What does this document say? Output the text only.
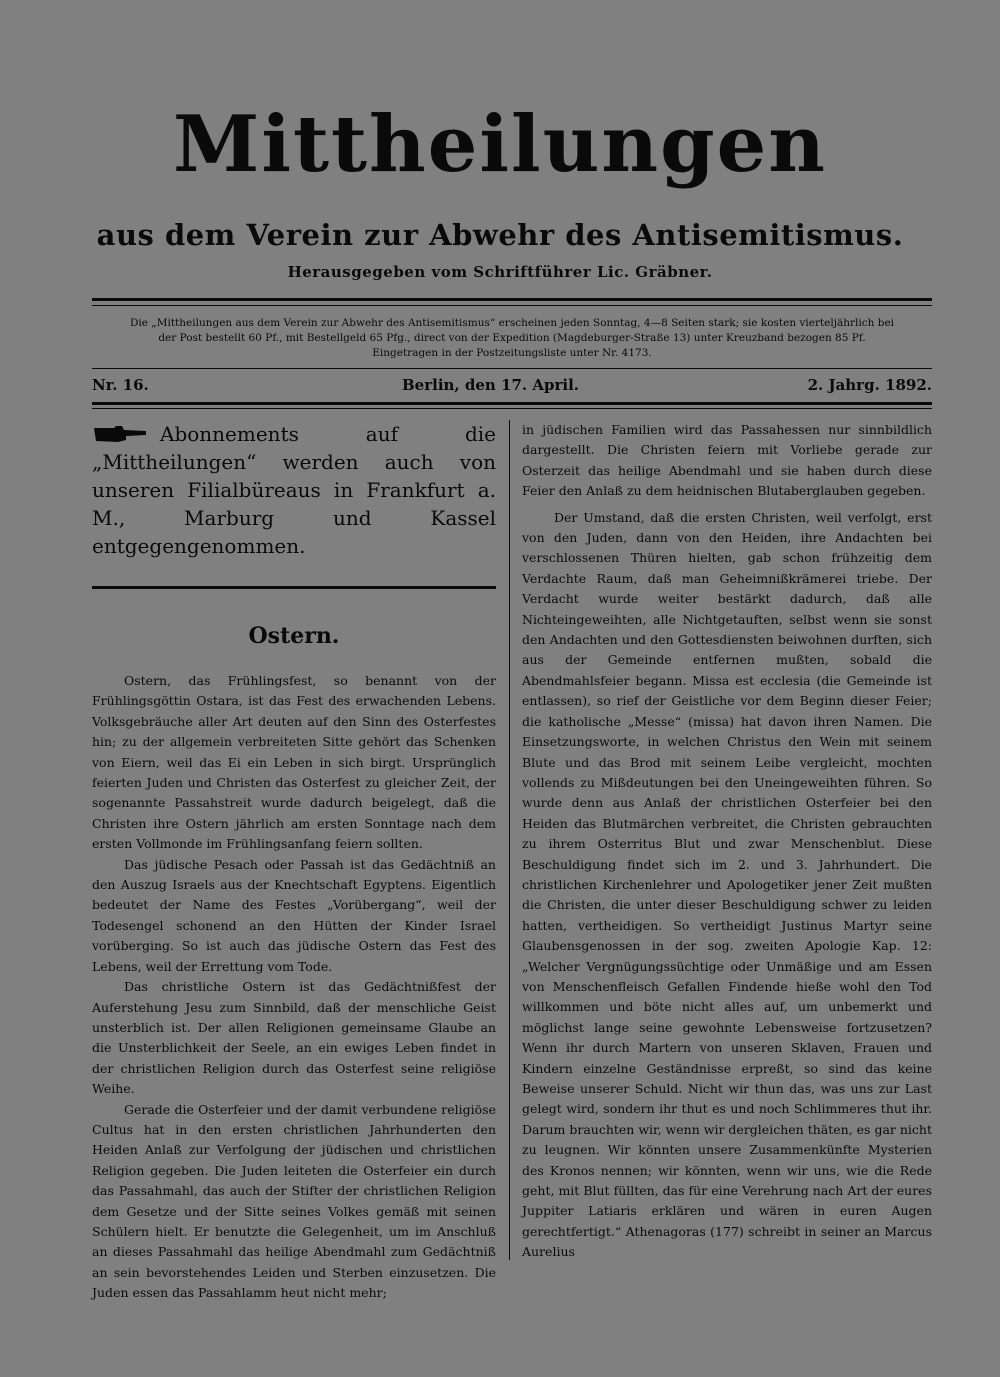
Mittheilungen
aus dem Verein zur Abwehr des Antisemitismus.
Herausgegeben vom Schriftführer Lic. Gräbner.
Die „Mittheilungen aus dem Verein zur Abwehr des Antisemitismus“ erscheinen jeden Sonntag, 4—8 Seiten stark; sie kosten vierteljährlich bei
der Post bestellt 60 Pf., mit Bestellgeld 65 Pfg., direct von der Expedition (Magdeburger-Straße 13) unter Kreuzband bezogen 85 Pf.
Eingetragen in der Postzeitungsliste unter Nr. 4173.
Nr. 16.	Berlin, den 17. April.	2. Jahrg. 1892.
Abonnements auf die „Mittheilungen“ werden auch von unseren Filialbüreaus in Frankfurt a. M., Marburg und Kassel entgegengenommen.
Ostern.

Ostern, das Frühlingsfest, so benannt von der Frühlingsgöttin Ostara, ist das Fest des erwachenden Lebens. Volksgebräuche aller Art deuten auf den Sinn des Osterfestes hin; zu der allgemein verbreiteten Sitte gehört das Schenken von Eiern, weil das Ei ein Leben in sich birgt. Ursprünglich feierten Juden und Christen das Osterfest zu gleicher Zeit, der sogenannte Passahstreit wurde dadurch beigelegt, daß die Christen ihre Ostern jährlich am ersten Sonntage nach dem ersten Vollmonde im Frühlingsanfang feiern sollten.

Das jüdische Pesach oder Passah ist das Gedächtniß an den Auszug Israels aus der Knechtschaft Egyptens. Eigentlich bedeutet der Name des Festes „Vorübergang“, weil der Todesengel schonend an den Hütten der Kinder Israel vorüberging. So ist auch das jüdische Ostern das Fest des Lebens, weil der Errettung vom Tode.

Das christliche Ostern ist das Gedächtnißfest der Auferstehung Jesu zum Sinnbild, daß der menschliche Geist unsterblich ist. Der allen Religionen gemeinsame Glaube an die Unsterblichkeit der Seele, an ein ewiges Leben findet in der christlichen Religion durch das Osterfest seine religiöse Weihe.

Gerade die Osterfeier und der damit verbundene religiöse Cultus hat in den ersten christlichen Jahrhunderten den Heiden Anlaß zur Verfolgung der jüdischen und christlichen Religion gegeben. Die Juden leiteten die Osterfeier ein durch das Passahmahl, das auch der Stifter der christlichen Religion dem Gesetze und der Sitte seines Volkes gemäß mit seinen Schülern hielt. Er benutzte die Gelegenheit, um im Anschluß an dieses Passahmahl das heilige Abendmahl zum Gedächtniß an sein bevorstehendes Leiden und Sterben einzusetzen. Die Juden essen das Passahlamm heut nicht mehr;

in jüdischen Familien wird das Passahessen nur sinnbildlich dargestellt. Die Christen feiern mit Vorliebe gerade zur Osterzeit das heilige Abendmahl und sie haben durch diese Feier den Anlaß zu dem heidnischen Blutaberglauben gegeben.

Der Umstand, daß die ersten Christen, weil verfolgt, erst von den Juden, dann von den Heiden, ihre Andachten bei verschlossenen Thüren hielten, gab schon frühzeitig dem Verdachte Raum, daß man Geheimnißkrämerei triebe. Der Verdacht wurde weiter bestärkt dadurch, daß alle Nichteingeweihten, alle Nichtgetauften, selbst wenn sie sonst den Andachten und den Gottesdiensten beiwohnen durften, sich aus der Gemeinde entfernen mußten, sobald die Abendmahlsfeier begann. Missa est ecclesia (die Gemeinde ist entlassen), so rief der Geistliche vor dem Beginn dieser Feier; die katholische „Messe“ (missa) hat davon ihren Namen. Die Einsetzungsworte, in welchen Christus den Wein mit seinem Blute und das Brod mit seinem Leibe vergleicht, mochten vollends zu Mißdeutungen bei den Uneingeweihten führen. So wurde denn aus Anlaß der christlichen Osterfeier bei den Heiden das Blutmärchen verbreitet, die Christen gebrauchten zu ihrem Osterritus Blut und zwar Menschenblut. Diese Beschuldigung findet sich im 2. und 3. Jahrhundert. Die christlichen Kirchenlehrer und Apologetiker jener Zeit mußten die Christen, die unter dieser Beschuldigung schwer zu leiden hatten, vertheidigen. So vertheidigt Justinus Martyr seine Glaubensgenossen in der sog. zweiten Apologie Kap. 12: „Welcher Vergnügungssüchtige oder Unmäßige und am Essen von Menschenfleisch Gefallen Findende hieße wohl den Tod willkommen und böte nicht alles auf, um unbemerkt und möglichst lange seine gewohnte Lebensweise fortzusetzen? Wenn ihr durch Martern von unseren Sklaven, Frauen und Kindern einzelne Geständnisse erpreßt, so sind das keine Beweise unserer Schuld. Nicht wir thun das, was uns zur Last gelegt wird, sondern ihr thut es und noch Schlimmeres thut ihr. Darum brauchten wir, wenn wir dergleichen thäten, es gar nicht zu leugnen. Wir könnten unsere Zusammenkünfte Mysterien des Kronos nennen; wir könnten, wenn wir uns, wie die Rede geht, mit Blut füllten, das für eine Verehrung nach Art der eures Juppiter Latiaris erklären und wären in euren Augen gerechtfertigt.“ Athenagoras (177) schreibt in seiner an Marcus Aurelius
